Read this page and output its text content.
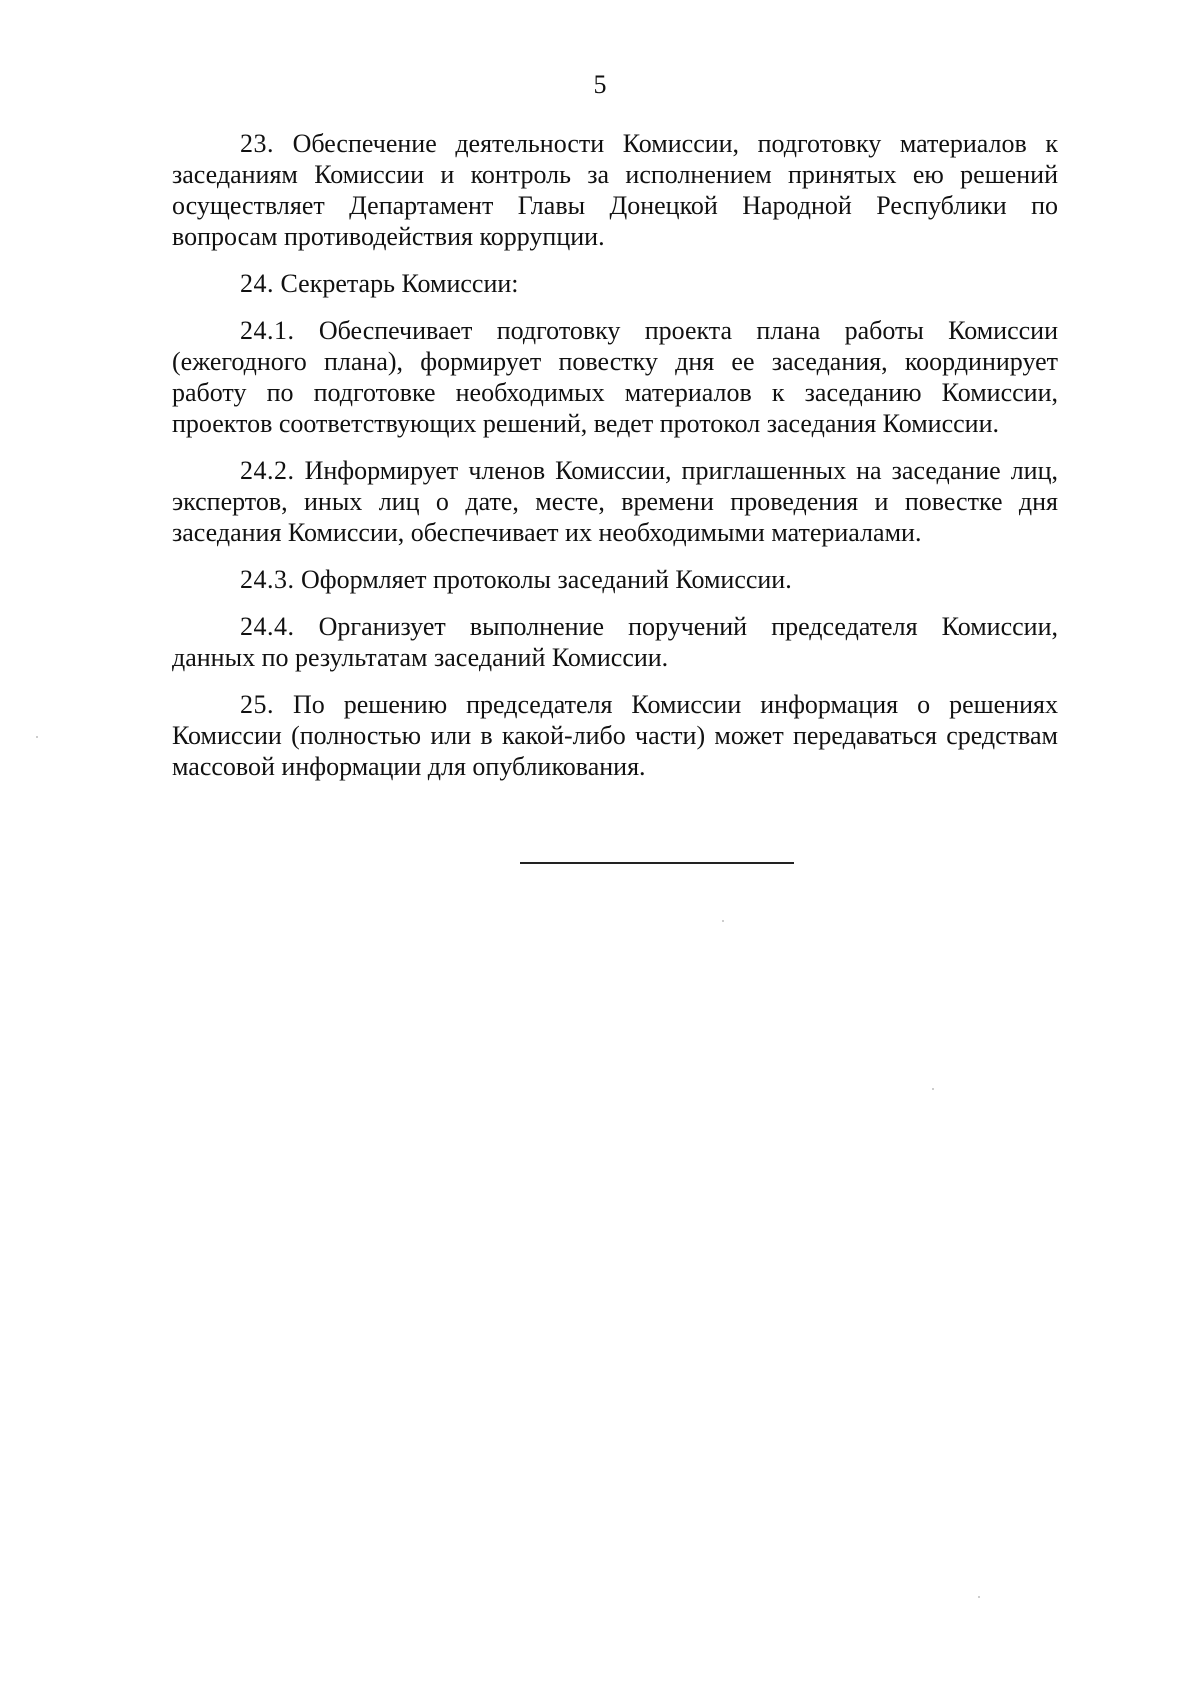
5

23. Обеспечение деятельности Комиссии, подготовку материалов к заседаниям Комиссии и контроль за исполнением принятых ею решений осуществляет Департамент Главы Донецкой Народной Республики по вопросам противодействия коррупции.

24. Секретарь Комиссии:

24.1. Обеспечивает подготовку проекта плана работы Комиссии (ежегодного плана), формирует повестку дня ее заседания, координирует работу по подготовке необходимых материалов к заседанию Комиссии, проектов соответствующих решений, ведет протокол заседания Комиссии.

24.2. Информирует членов Комиссии, приглашенных на заседание лиц, экспертов, иных лиц о дате, месте, времени проведения и повестке дня заседания Комиссии, обеспечивает их необходимыми материалами.

24.3. Оформляет протоколы заседаний Комиссии.

24.4. Организует выполнение поручений председателя Комиссии, данных по результатам заседаний Комиссии.

25. По решению председателя Комиссии информация о решениях Комиссии (полностью или в какой-либо части) может передаваться средствам массовой информации для опубликования.
